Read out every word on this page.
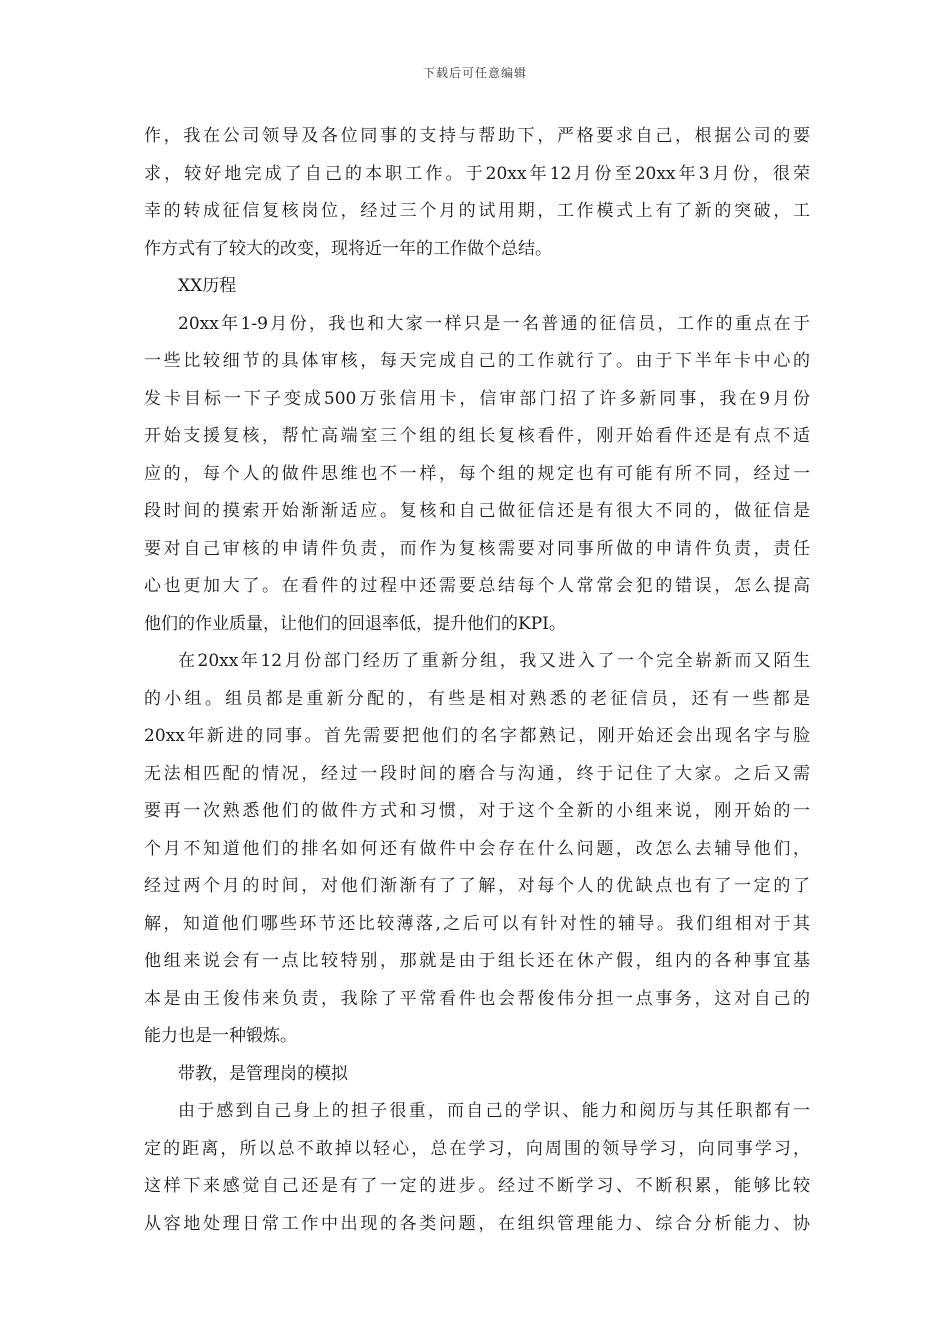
下载后可任意编辑
作，我在公司领导及各位同事的支持与帮助下，严格要求自己，根据公司的要
求，较好地完成了自己的本职工作。于20xx年12月份至20xx年3月份，很荣
幸的转成征信复核岗位，经过三个月的试用期，工作模式上有了新的突破，工
作方式有了较大的改变，现将近一年的工作做个总结。
XX历程
20xx年1-9月份，我也和大家一样只是一名普通的征信员，工作的重点在于
一些比较细节的具体审核，每天完成自己的工作就行了。由于下半年卡中心的
发卡目标一下子变成500万张信用卡，信审部门招了许多新同事，我在9月份
开始支援复核，帮忙高端室三个组的组长复核看件，刚开始看件还是有点不适
应的，每个人的做件思维也不一样，每个组的规定也有可能有所不同，经过一
段时间的摸索开始渐渐适应。复核和自己做征信还是有很大不同的，做征信是
要对自己审核的申请件负责，而作为复核需要对同事所做的申请件负责，责任
心也更加大了。在看件的过程中还需要总结每个人常常会犯的错误，怎么提高
他们的作业质量，让他们的回退率低，提升他们的KPI。
在20xx年12月份部门经历了重新分组，我又进入了一个完全崭新而又陌生
的小组。组员都是重新分配的，有些是相对熟悉的老征信员，还有一些都是
20xx年新进的同事。首先需要把他们的名字都熟记，刚开始还会出现名字与脸
无法相匹配的情况，经过一段时间的磨合与沟通，终于记住了大家。之后又需
要再一次熟悉他们的做件方式和习惯，对于这个全新的小组来说，刚开始的一
个月不知道他们的排名如何还有做件中会存在什么问题，改怎么去辅导他们，
经过两个月的时间，对他们渐渐有了了解，对每个人的优缺点也有了一定的了
解，知道他们哪些环节还比较薄落,之后可以有针对性的辅导。我们组相对于其
他组来说会有一点比较特别，那就是由于组长还在休产假，组内的各种事宜基
本是由王俊伟来负责，我除了平常看件也会帮俊伟分担一点事务，这对自己的
能力也是一种锻炼。
带教，是管理岗的模拟
由于感到自己身上的担子很重，而自己的学识、能力和阅历与其任职都有一
定的距离，所以总不敢掉以轻心，总在学习，向周围的领导学习，向同事学习，
这样下来感觉自己还是有了一定的进步。经过不断学习、不断积累，能够比较
从容地处理日常工作中出现的各类问题，在组织管理能力、综合分析能力、协
